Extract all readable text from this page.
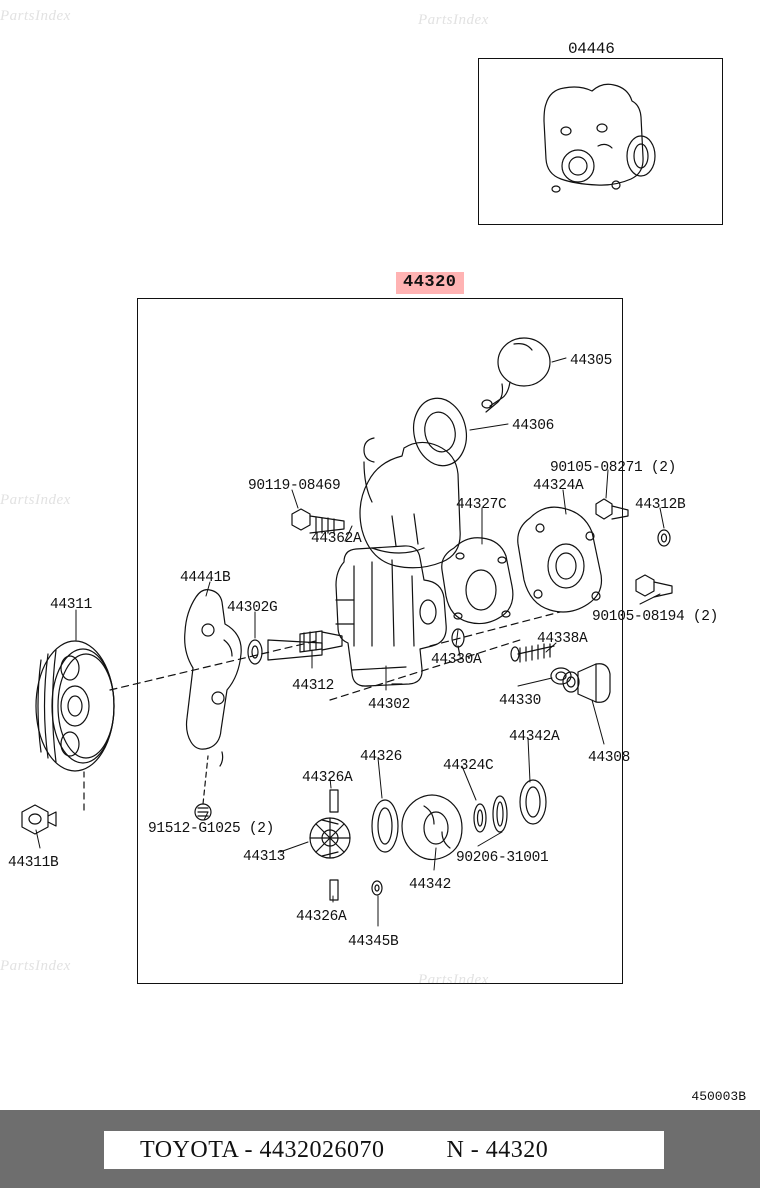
PartsIndex	PartsIndex
PartsIndex
PartsIndex
PartsIndex
04446
44320
44305
44306
90105‐08271 (2)
44324A
44312B
90119‐08469
44327C
44362A
90105‐08194 (2)
44441B
44302G
44311
44338A
44330A
44312
44302	44330
44308
44342A
44324C
44326
44326A
91512‐G1025 (2)
44313	90206‐31001
44342
44326A
44345B
44311B
450003B
TOYOTA - 4432026070	N - 44320
